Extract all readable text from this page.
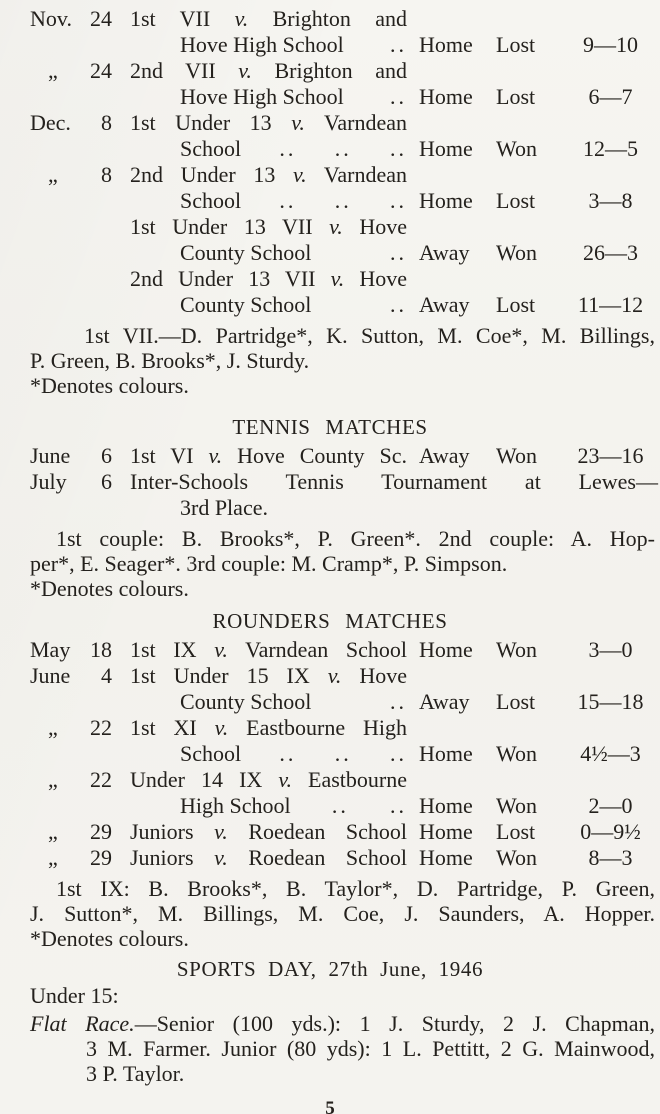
Nov. 24 1st VII v. Brighton and
Hove High School .. Home	Lost	9—10
„	24 2nd VII v. Brighton and
Hove High School .. Home	Lost	6—7
Dec.	8 1st Under 13 v. Varndean
School .. .. .. Home	Won	12—5
„	8 2nd Under 13 v. Varndean
School .. .. .. Home	Lost	3—8
1st Under 13 VII v. Hove
County School	.. Away	Won	26—3
2nd Under 13 VII v. Hove
County School	.. Away	Lost	11—12
1st VII.—D. Partridge*, K. Sutton, M. Coe*, M. Billings,
P. Green, B. Brooks*, J. Sturdy.
*Denotes colours.
TENNIS MATCHES
June	6 1st VI v. Hove County Sc. Away	Won	23—16
July	6 Inter-Schools Tennis Tournament at Lewes—
3rd Place.
1st couple: B. Brooks*, P. Green*. 2nd couple: A. Hop-
per*, E. Seager*. 3rd couple: M. Cramp*, P. Simpson.
*Denotes colours.
ROUNDERS MATCHES
May 18 1st IX v. Varndean School Home	Won	3—0
June	4 1st Under 15 IX v. Hove
County School	.. Away	Lost	15—18
„	22 1st XI v. Eastbourne High
School .. .. .. Home	Won	4½—3
„	22 Under 14 IX v. Eastbourne
High School .. .. Home	Won	2—0
„	29 Juniors v. Roedean School Home	Lost	0—9½
„	29 Juniors v. Roedean School Home	Won	8—3
1st IX: B. Brooks*, B. Taylor*, D. Partridge, P. Green,
J. Sutton*, M. Billings, M. Coe, J. Saunders, A. Hopper.
*Denotes colours.
SPORTS DAY, 27th June, 1946
Under 15:
Flat Race.—Senior (100 yds.): 1 J. Sturdy, 2 J. Chapman,
3 M. Farmer. Junior (80 yds): 1 L. Pettitt, 2 G. Mainwood,
3 P. Taylor.
5
